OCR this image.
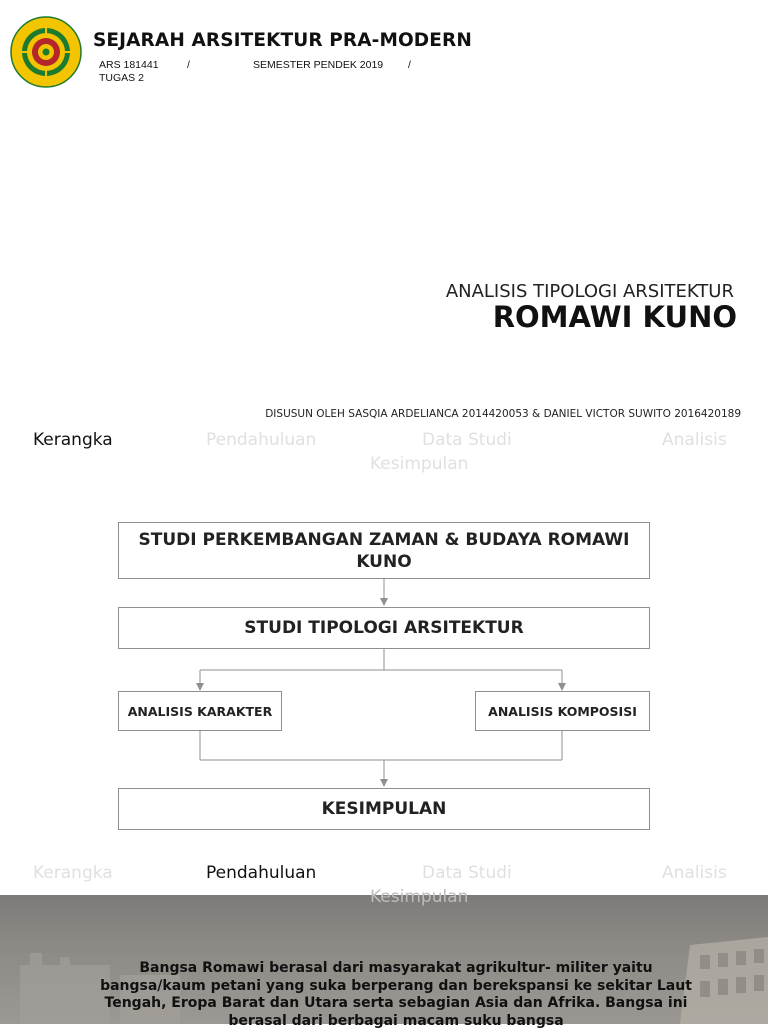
SEJARAH ARSITEKTUR PRA-MODERN
ARS 181441	/	SEMESTER PENDEK 2019 /
TUGAS 2
ANALISIS TIPOLOGI ARSITEKTUR
ROMAWI KUNO
DISUSUN OLEH SASQIA ARDELIANCA 2014420053 & DANIEL VICTOR SUWITO 2016420189
Kerangka	Pendahuluan	Data Studi	Analisis
Kesimpulan
STUDI PERKEMBANGAN ZAMAN & BUDAYA ROMAWI KUNO
STUDI TIPOLOGI ARSITEKTUR
ANALISIS KARAKTER	ANALISIS KOMPOSISI
KESIMPULAN
Kerangka	Pendahuluan	Data Studi	Analisis
Kesimpulan
Bangsa Romawi berasal dari masyarakat agrikultur- militer yaitu bangsa/kaum petani yang suka berperang dan berekspansi ke sekitar Laut Tengah, Eropa Barat dan Utara serta sebagian Asia dan Afrika. Bangsa ini berasal dari berbagai macam suku bangsa
